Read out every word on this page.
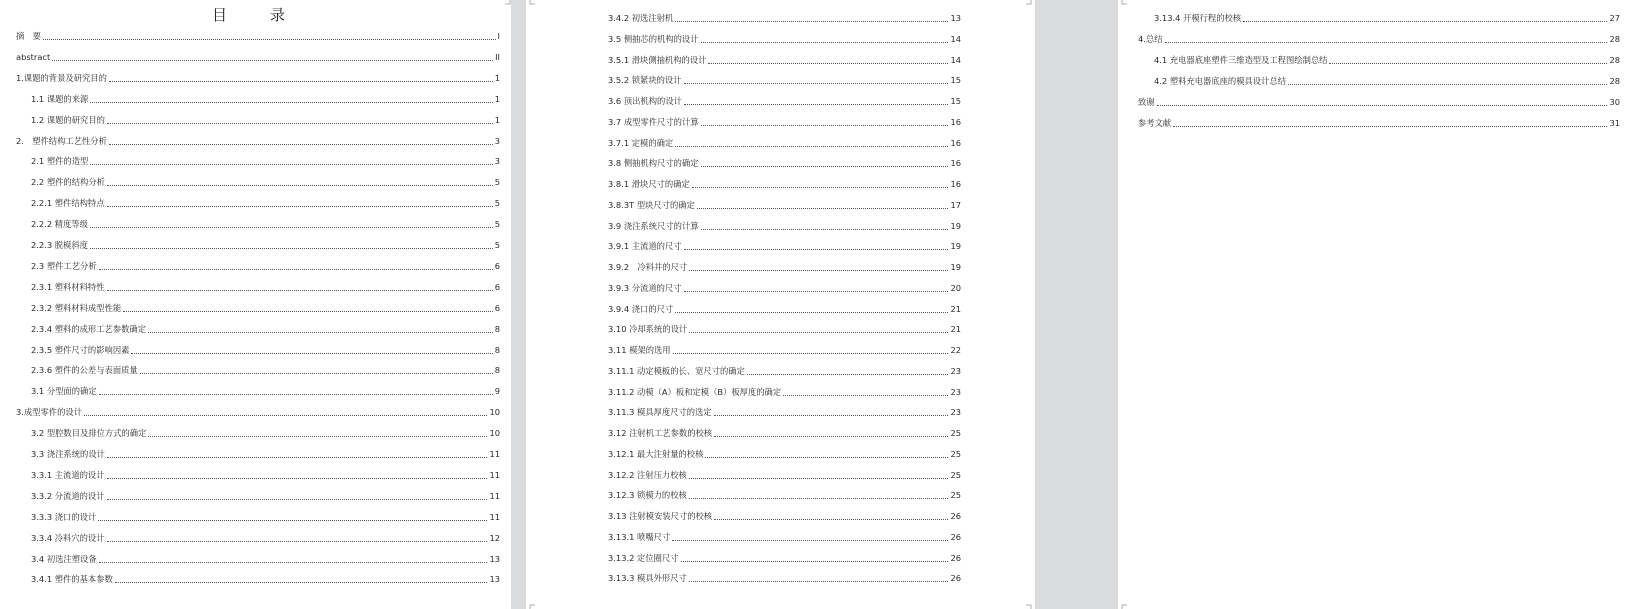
目　录
摘　要	I
abstract	II
1.课题的背景及研究目的	1
1.1 课题的来源	1
1.2 课题的研究目的	1
2.　塑件结构工艺性分析	3
2.1 塑件的造型	3
2.2 塑件的结构分析	5
2.2.1 塑件结构特点	5
2.2.2 精度等级	5
2.2.3 脱模斜度	5
2.3 塑件工艺分析	6
2.3.1 塑料材料特性	6
2.3.2 塑料材料成型性能	6
2.3.4 塑料的成形工艺参数确定	8
2.3.5 塑件尺寸的影响因素	8
2.3.6 塑件的公差与表面质量	8
3.1 分型面的确定	9
3.成型零件的设计	10
3.2 型腔数目及排位方式的确定	10
3.3 浇注系统的设计	11
3.3.1 主流道的设计	11
3.3.2 分流道的设计	11
3.3.3 浇口的设计	11
3.3.4 冷料穴的设计	12
3.4 初选注塑设备	13
3.4.1 塑件的基本参数	13
3.4.2 初选注射机	13
3.5 侧抽芯的机构的设计	14
3.5.1 滑块侧抽机构的设计	14
3.5.2 锁紧块的设计	15
3.6 顶出机构的设计	15
3.7 成型零件尺寸的计算	16
3.7.1 定模的确定	16
3.8 侧抽机构尺寸的确定	16
3.8.1 滑块尺寸的确定	16
3.8.3T 型块尺寸的确定	17
3.9 浇注系统尺寸的计算	19
3.9.1 主流道的尺寸	19
3.9.2　冷料井的尺寸	19
3.9.3 分流道的尺寸	20
3.9.4 浇口的尺寸	21
3.10 冷却系统的设计	21
3.11 模架的选用	22
3.11.1 动定模板的长、宽尺寸的确定	23
3.11.2 动模（A）板和定模（B）板厚度的确定	23
3.11.3 模具厚度尺寸的选定	23
3.12 注射机工艺参数的校核	25
3.12.1 最大注射量的校核	25
3.12.2 注射压力校核	25
3.12.3 锁模力的校核	25
3.13 注射模安装尺寸的校核	26
3.13.1 喷嘴尺寸	26
3.13.2 定位圈尺寸	26
3.13.3 模具外形尺寸	26
3.13.4 开模行程的校核	27
4.总结	28
4.1 充电器底座塑件三维造型及工程图绘制总结	28
4.2 塑料充电器底座的模具设计总结	28
致谢	30
参考文献	31
